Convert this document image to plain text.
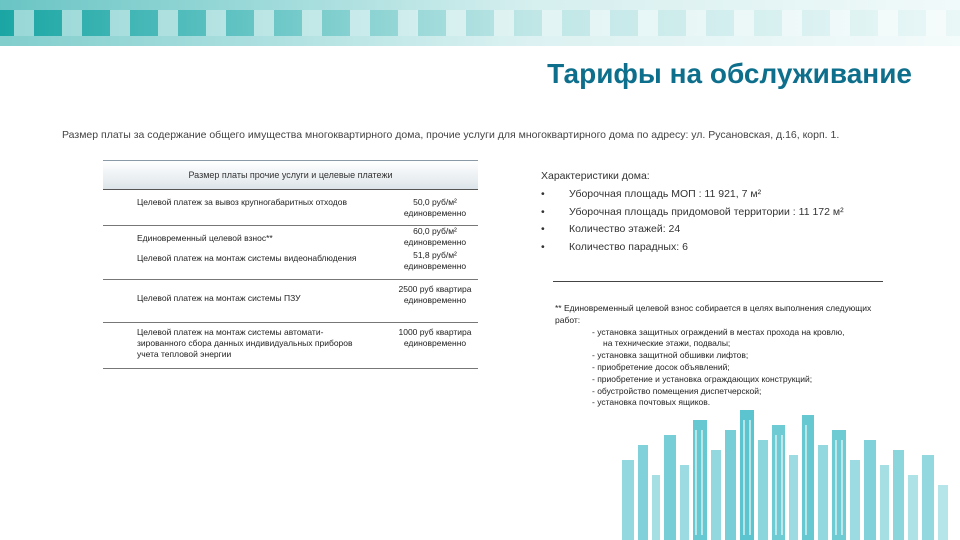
Тарифы на обслуживание
Размер платы за содержание общего имущества многоквартирного дома, прочие услуги для многоквартирного дома по адресу: ул. Русановская, д.16, корп. 1.
Размер платы прочие услуги и целевые платежи
Целевой платеж за вывоз крупногабаритных отходов	50,0 руб/м² единовременно
Единовременный целевой взнос**
60,0 руб/м² единовременно
Целевой платеж на монтаж системы видеонаблюдения	51,8 руб/м² единовременно
Целевой платеж на монтаж системы ПЗУ
2500 руб квартира единовременно
Целевой платеж на монтаж системы автомати-зированного сбора данных индивидуальных приборов учета тепловой энергии
1000 руб квартира единовременно
Характеристики дома:
• Уборочная площадь МОП : 11 921, 7 м²
• Уборочная площадь придомовой территории : 11 172 м²
• Количество этажей: 24
• Количество парадных: 6
** Единовременный целевой взнос собирается в целях выполнения следующих работ:
- установка защитных ограждений в местах прохода на кровлю,
на технические этажи, подвалы;
- установка защитной обшивки лифтов;
- приобретение досок объявлений;
- приобретение и установка ограждающих конструкций;
- обустройство помещения диспетчерской;
- установка почтовых ящиков.
